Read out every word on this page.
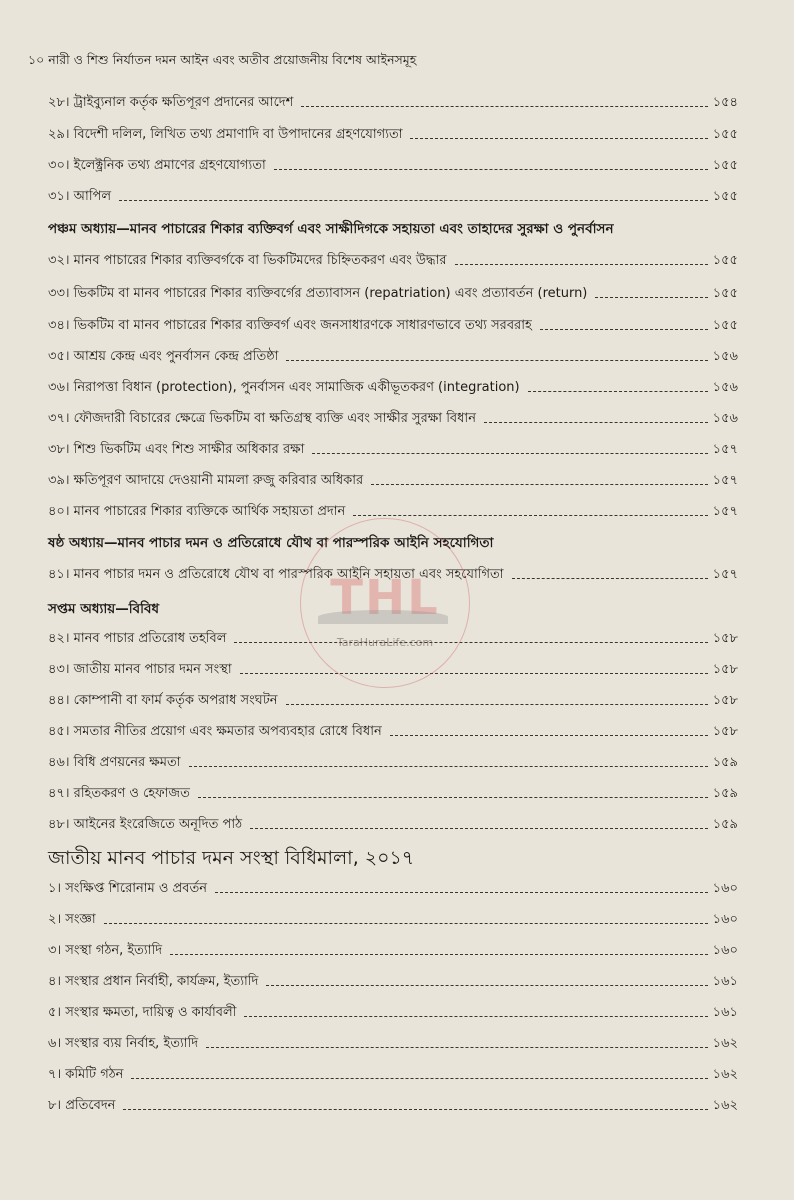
১০ নারী ও শিশু নির্যাতন দমন আইন এবং অতীব প্রয়োজনীয় বিশেষ আইনসমূহ
২৮। ট্রাইব্যুনাল কর্তৃক ক্ষতিপূরণ প্রদানের আদেশ	১৫৪
২৯। বিদেশী দলিল, লিখিত তথ্য প্রমাণাদি বা উপাদানের গ্রহণযোগ্যতা	১৫৫
৩০। ইলেক্ট্রনিক তথ্য প্রমাণের গ্রহণযোগ্যতা	১৫৫
৩১। আপিল	১৫৫
পঞ্চম অধ্যায়—মানব পাচারের শিকার ব্যক্তিবর্গ এবং সাক্ষীদিগকে সহায়তা এবং তাহাদের সুরক্ষা ও পুনর্বাসন
৩২। মানব পাচারের শিকার ব্যক্তিবর্গকে বা ভিকটিমদের চিহ্নিতকরণ এবং উদ্ধার	১৫৫
৩৩। ভিকটিম বা মানব পাচারের শিকার ব্যক্তিবর্গের প্রত্যাবাসন (repatriation) এবং প্রত্যাবর্তন (return)	১৫৫
৩৪। ভিকটিম বা মানব পাচারের শিকার ব্যক্তিবর্গ এবং জনসাধারণকে সাধারণভাবে তথ্য সরবরাহ	১৫৫
৩৫। আশ্রয় কেন্দ্র এবং পুনর্বাসন কেন্দ্র প্রতিষ্ঠা	১৫৬
৩৬। নিরাপত্তা বিধান (protection), পুনর্বাসন এবং সামাজিক একীভূতকরণ (integration)	১৫৬
৩৭। ফৌজদারী বিচারের ক্ষেত্রে ভিকটিম বা ক্ষতিগ্রস্থ ব্যক্তি এবং সাক্ষীর সুরক্ষা বিধান	১৫৬
৩৮। শিশু ভিকটিম এবং শিশু সাক্ষীর অধিকার রক্ষা	১৫৭
৩৯। ক্ষতিপূরণ আদায়ে দেওয়ানী মামলা রুজু করিবার অধিকার	১৫৭
৪০। মানব পাচারের শিকার ব্যক্তিকে আর্থিক সহায়তা প্রদান	১৫৭
ষষ্ঠ অধ্যায়—মানব পাচার দমন ও প্রতিরোধে যৌথ বা পারস্পরিক আইনি সহযোগিতা
৪১। মানব পাচার দমন ও প্রতিরোধে যৌথ বা পারস্পরিক আইনি সহায়তা এবং সহযোগিতা	১৫৭
সপ্তম অধ্যায়—বিবিধ
৪২। মানব পাচার প্রতিরোধ তহবিল	১৫৮
৪৩। জাতীয় মানব পাচার দমন সংস্থা	১৫৮
৪৪। কোম্পানী বা ফার্ম কর্তৃক অপরাধ সংঘটন	১৫৮
৪৫। সমতার নীতির প্রয়োগ এবং ক্ষমতার অপব্যবহার রোধে বিধান	১৫৮
৪৬। বিধি প্রণয়নের ক্ষমতা	১৫৯
৪৭। রহিতকরণ ও হেফাজত	১৫৯
৪৮। আইনের ইংরেজিতে অনূদিত পাঠ	১৫৯
জাতীয় মানব পাচার দমন সংস্থা বিধিমালা, ২০১৭
১। সংক্ষিপ্ত শিরোনাম ও প্রবর্তন	১৬০
২। সংজ্ঞা	১৬০
৩। সংস্থা গঠন, ইত্যাদি	১৬০
৪। সংস্থার প্রধান নির্বাহী, কার্যক্রম, ইত্যাদি	১৬১
৫। সংস্থার ক্ষমতা, দায়িত্ব ও কার্যাবলী	১৬১
৬। সংস্থার ব্যয় নির্বাহ, ইত্যাদি	১৬২
৭। কমিটি গঠন	১৬২
৮। প্রতিবেদন	১৬২
THL
TaraHuraLife.com
